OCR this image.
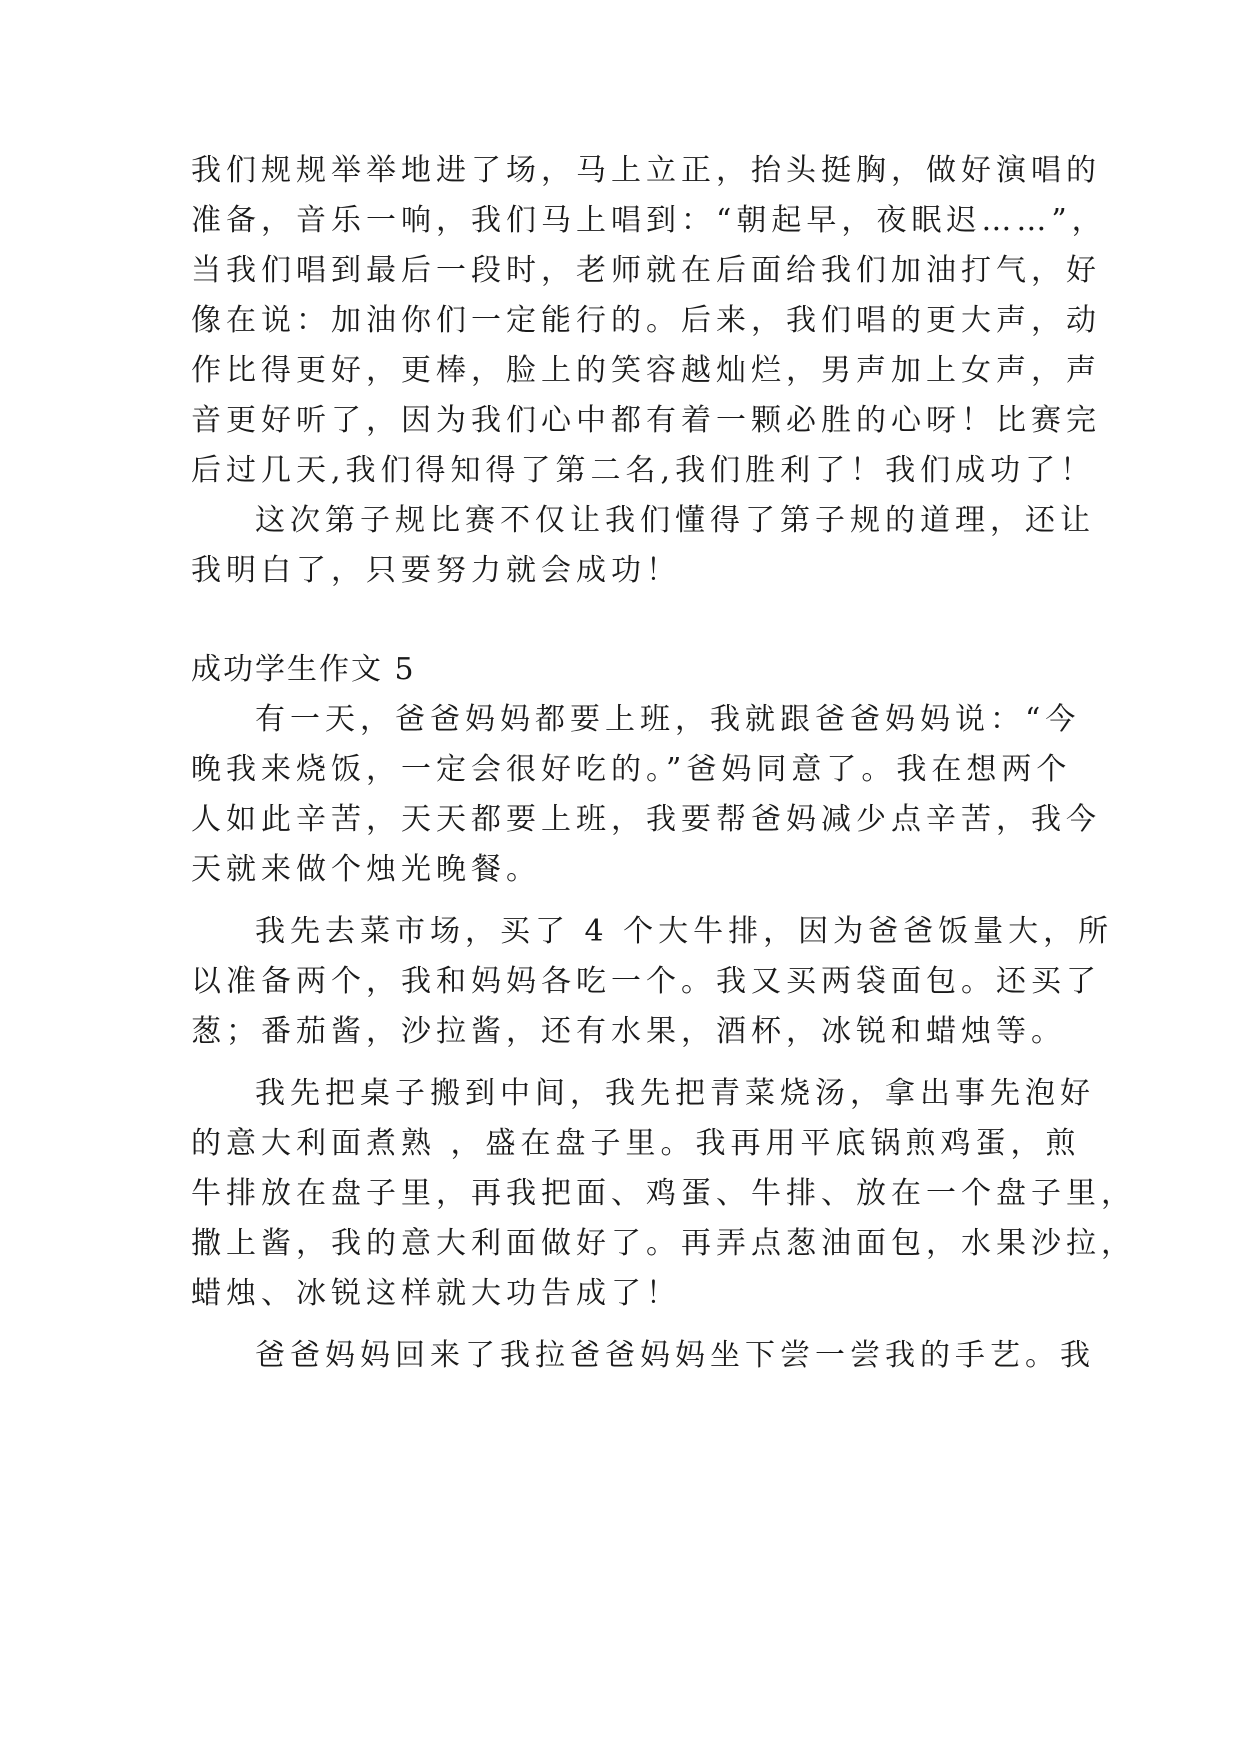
我们规规举举地进了场，马上立正，抬头挺胸，做好演唱的

准备，音乐一响，我们马上唱到：“朝起早，夜眠迟……”，

当我们唱到最后一段时，老师就在后面给我们加油打气，好

像在说：加油你们一定能行的。后来，我们唱的更大声，动

作比得更好，更棒，脸上的笑容越灿烂，男声加上女声，声

音更好听了，因为我们心中都有着一颗必胜的心呀！比赛完

后过几天,我们得知得了第二名,我们胜利了！我们成功了！

这次第子规比赛不仅让我们懂得了第子规的道理，还让

我明白了，只要努力就会成功！

成功学生作文 5

有一天，爸爸妈妈都要上班，我就跟爸爸妈妈说：“今

晚我来烧饭，一定会很好吃的。”爸妈同意了。我在想两个

人如此辛苦，天天都要上班，我要帮爸妈减少点辛苦，我今

天就来做个烛光晚餐。

我先去菜市场，买了 4 个大牛排，因为爸爸饭量大，所

以准备两个，我和妈妈各吃一个。我又买两袋面包。还买了

葱；番茄酱，沙拉酱，还有水果，酒杯，冰锐和蜡烛等。

我先把桌子搬到中间，我先把青菜烧汤，拿出事先泡好

的意大利面煮熟 ，盛在盘子里。我再用平底锅煎鸡蛋，煎

牛排放在盘子里，再我把面、鸡蛋、牛排、放在一个盘子里，

撒上酱，我的意大利面做好了。再弄点葱油面包，水果沙拉，

蜡烛、冰锐这样就大功告成了！

爸爸妈妈回来了我拉爸爸妈妈坐下尝一尝我的手艺。我
